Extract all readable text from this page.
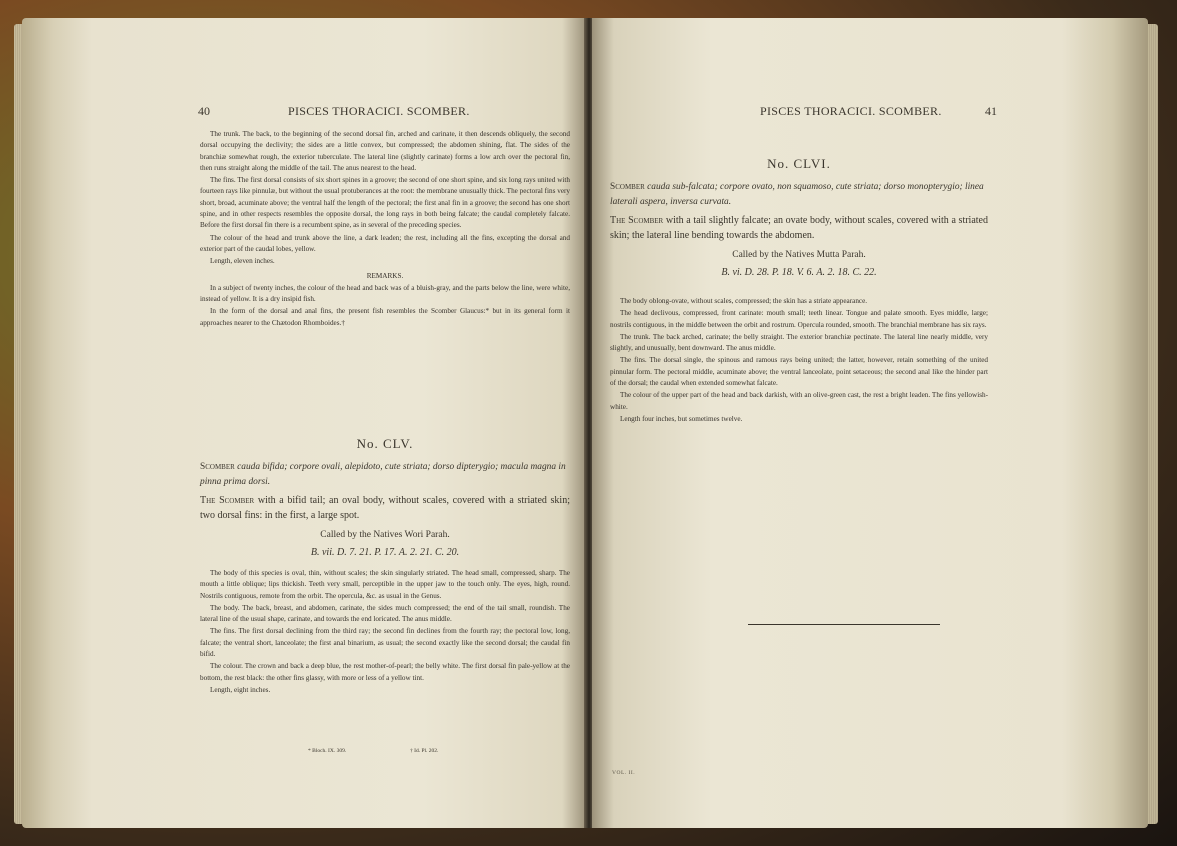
40	PISCES THORACICI. SCOMBER.

The trunk. The back, to the beginning of the second dorsal fin, arched and carinate, it then descends obliquely, the second dorsal occupying the declivity; the sides are a little convex, but compressed; the abdomen shining, flat. The sides of the branchiæ somewhat rough, the exterior tuberculate. The lateral line (slightly carinate) forms a low arch over the pectoral fin, then runs straight along the middle of the tail. The anus nearest to the head.

The fins. The first dorsal consists of six short spines in a groove; the second of one short spine, and six long rays united with fourteen rays like pinnulæ, but without the usual protuberances at the root: the membrane unusually thick. The pectoral fins very short, broad, acuminate above; the ventral half the length of the pectoral; the first anal fin in a groove; the second has one short spine, and in other respects resembles the opposite dorsal, the long rays in both being falcate; the caudal completely falcate. Before the first dorsal fin there is a recumbent spine, as in several of the preceding species.

The colour of the head and trunk above the line, a dark leaden; the rest, including all the fins, excepting the dorsal and exterior part of the caudal lobes, yellow.

Length, eleven inches.

REMARKS.

In a subject of twenty inches, the colour of the head and back was of a bluish-gray, and the parts below the line, were white, instead of yellow. It is a dry insipid fish.

In the form of the dorsal and anal fins, the present fish resembles the Scomber Glaucus:* but in its general form it approaches nearer to the Chætodon Rhomboides.†

No. CLV.
Scomber cauda bifida; corpore ovali, alepidoto, cute striata; dorso dipterygio; macula magna in pinna prima dorsi.
The Scomber with a bifid tail; an oval body, without scales, covered with a striated skin; two dorsal fins: in the first, a large spot.
Called by the Natives Wori Parah.
B. vii. D. 7. 21. P. 17. A. 2. 21. C. 20.

The body of this species is oval, thin, without scales; the skin singularly striated. The head small, compressed, sharp. The mouth a little oblique; lips thickish. Teeth very small, perceptible in the upper jaw to the touch only. The eyes, high, round. Nostrils contiguous, remote from the orbit. The opercula, &c. as usual in the Genus.

The body. The back, breast, and abdomen, carinate, the sides much compressed; the end of the tail small, roundish. The lateral line of the usual shape, carinate, and towards the end loricated. The anus middle.

The fins. The first dorsal declining from the third ray; the second fin declines from the fourth ray; the pectoral low, long, falcate; the ventral short, lanceolate; the first anal binarium, as usual; the second exactly like the second dorsal; the caudal fin bifid.

The colour. The crown and back a deep blue, the rest mother-of-pearl; the belly white. The first dorsal fin pale-yellow at the bottom, the rest black: the other fins glassy, with more or less of a yellow tint.

Length, eight inches.

* Bloch. IX. 309.	† Id. Pl. 202.
PISCES THORACICI. SCOMBER.	41
No. CLVI.
Scomber cauda sub-falcata; corpore ovato, non squamoso, cute striata; dorso monopterygio; linea laterali aspera, inversa curvata.
The Scomber with a tail slightly falcate; an ovate body, without scales, covered with a striated skin; the lateral line bending towards the abdomen.
Called by the Natives Mutta Parah.
B. vi. D. 28. P. 18. V. 6. A. 2. 18. C. 22.

The body oblong-ovate, without scales, compressed; the skin has a striate appearance.

The head declivous, compressed, front carinate: mouth small; teeth linear. Tongue and palate smooth. Eyes middle, large; nostrils contiguous, in the middle between the orbit and rostrum. Opercula rounded, smooth. The branchial membrane has six rays.

The trunk. The back arched, carinate; the belly straight. The exterior branchiæ pectinate. The lateral line nearly middle, very slightly, and unusually, bent downward. The anus middle.

The fins. The dorsal single, the spinous and ramous rays being united; the latter, however, retain something of the united pinnular form. The pectoral middle, acuminate above; the ventral lanceolate, point setaceous; the second anal like the hinder part of the dorsal; the caudal when extended somewhat falcate.

The colour of the upper part of the head and back darkish, with an olive-green cast, the rest a bright leaden. The fins yellowish-white.

Length four inches, but sometimes twelve.

VOL. II.
